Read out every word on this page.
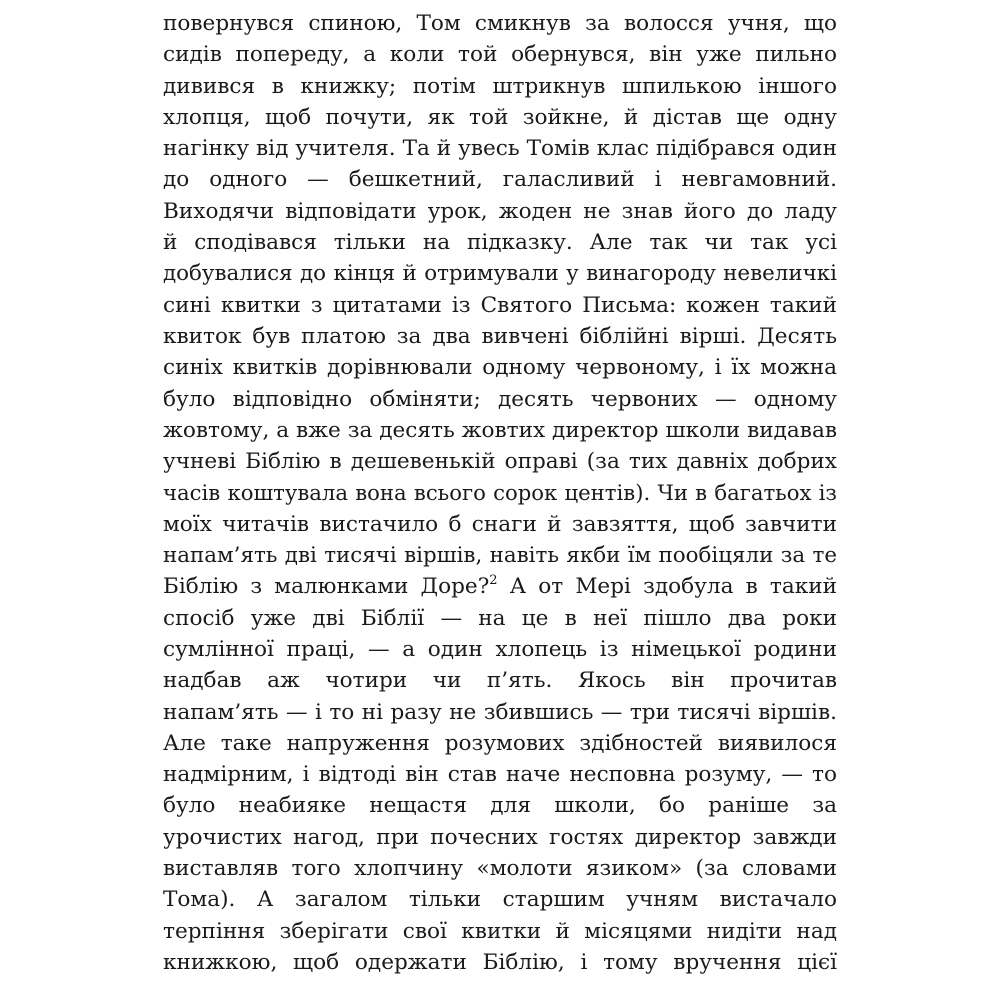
повернувся спиною, Том смикнув за волосся учня, що
сидів попереду, а коли той обернувся, він уже пильно
дивився в книжку; потім штрикнув шпилькою іншого
хлопця, щоб почути, як той зойкне, й дістав ще одну
нагінку від учителя. Та й увесь Томів клас підібрався один
до одного — бешкетний, галасливий і невгамовний.
Виходячи відповідати урок, жоден не знав його до ладу
й сподівався тільки на підказку. Але так чи так усі
добувалися до кінця й отримували у винагороду невеличкі
сині квитки з цитатами із Святого Письма: кожен такий
квиток був платою за два вивчені біблійні вірші. Десять
синіх квитків дорівнювали одному червоному, і їх можна
було відповідно обміняти; десять червоних — одному
жовтому, а вже за десять жовтих директор школи видавав
учневі Біблію в дешевенькій оправі (за тих давніх добрих
часів коштувала вона всього сорок центів). Чи в багатьох із
моїх читачів вистачило б снаги й завзяття, щоб завчити
напам’ять дві тисячі віршів, навіть якби їм пообіцяли за те
Біблію з малюнками Доре?$^2$ А от Мері здобула в такий
спосіб уже дві Біблії — на це в неї пішло два роки
сумлінної праці, — а один хлопець із німецької родини
надбав аж чотири чи п’ять. Якось він прочитав
напам’ять — і то ні разу не збившись — три тисячі віршів.
Але таке напруження розумових здібностей виявилося
надмірним, і відтоді він став наче несповна розуму, — то
було неабияке нещастя для школи, бо раніше за
урочистих нагод, при почесних гостях директор завжди
виставляв того хлопчину «молоти язиком» (за словами
Тома). А загалом тільки старшим учням вистачало
терпіння зберігати свої квитки й місяцями нидіти над
книжкою, щоб одержати Біблію, і тому вручення цієї
